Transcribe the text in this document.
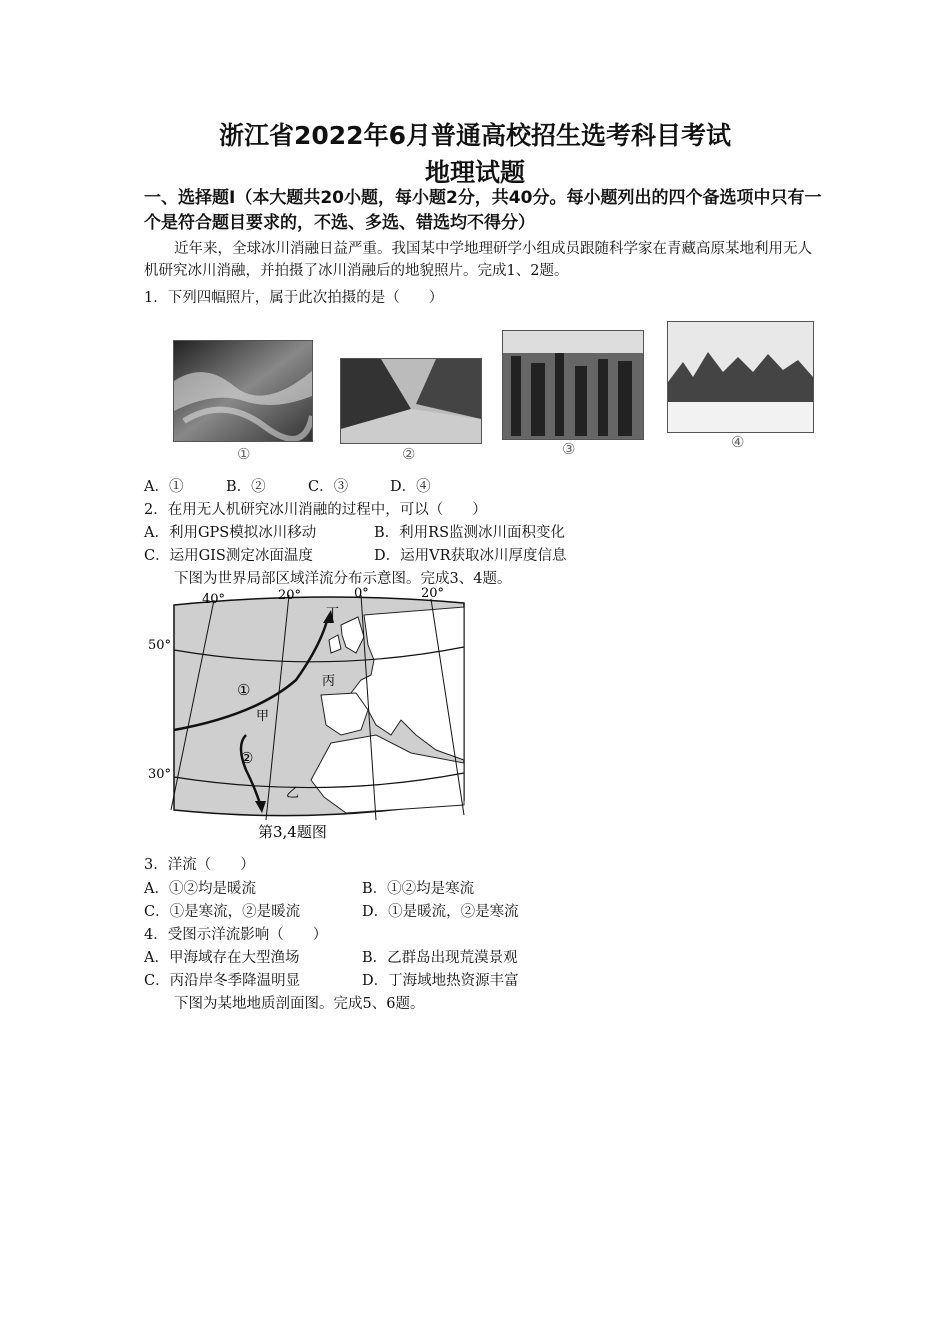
浙江省2022年6月普通高校招生选考科目考试
地理试题
一、选择题Ⅰ（本大题共20小题，每小题2分，共40分。每小题列出的四个备选项中只有一个是符合题目要求的，不选、多选、错选均不得分）
近年来，全球冰川消融日益严重。我国某中学地理研学小组成员跟随科学家在青藏高原某地利用无人机研究冰川消融，并拍摄了冰川消融后的地貌照片。完成1、2题。
1．下列四幅照片，属于此次拍摄的是（　　）
①	②	③	④
A．①	B．②	C．③	D．④
2．在用无人机研究冰川消融的过程中，可以（　　）
A．利用GPS模拟冰川移动	B．利用RS监测冰川面积变化
C．运用GIS测定冰面温度	D．运用VR获取冰川厚度信息
下图为世界局部区域洋流分布示意图。完成3、4题。
40°	20°	0°	20°
50°
30°
①
②
丁
丙
甲
乙
第3,4题图
3．洋流（　　）
A．①②均是暖流	B．①②均是寒流
C．①是寒流，②是暖流	D．①是暖流，②是寒流
4．受图示洋流影响（　　）
A．甲海域存在大型渔场	B．乙群岛出现荒漠景观
C．丙沿岸冬季降温明显	D．丁海域地热资源丰富
下图为某地地质剖面图。完成5、6题。
